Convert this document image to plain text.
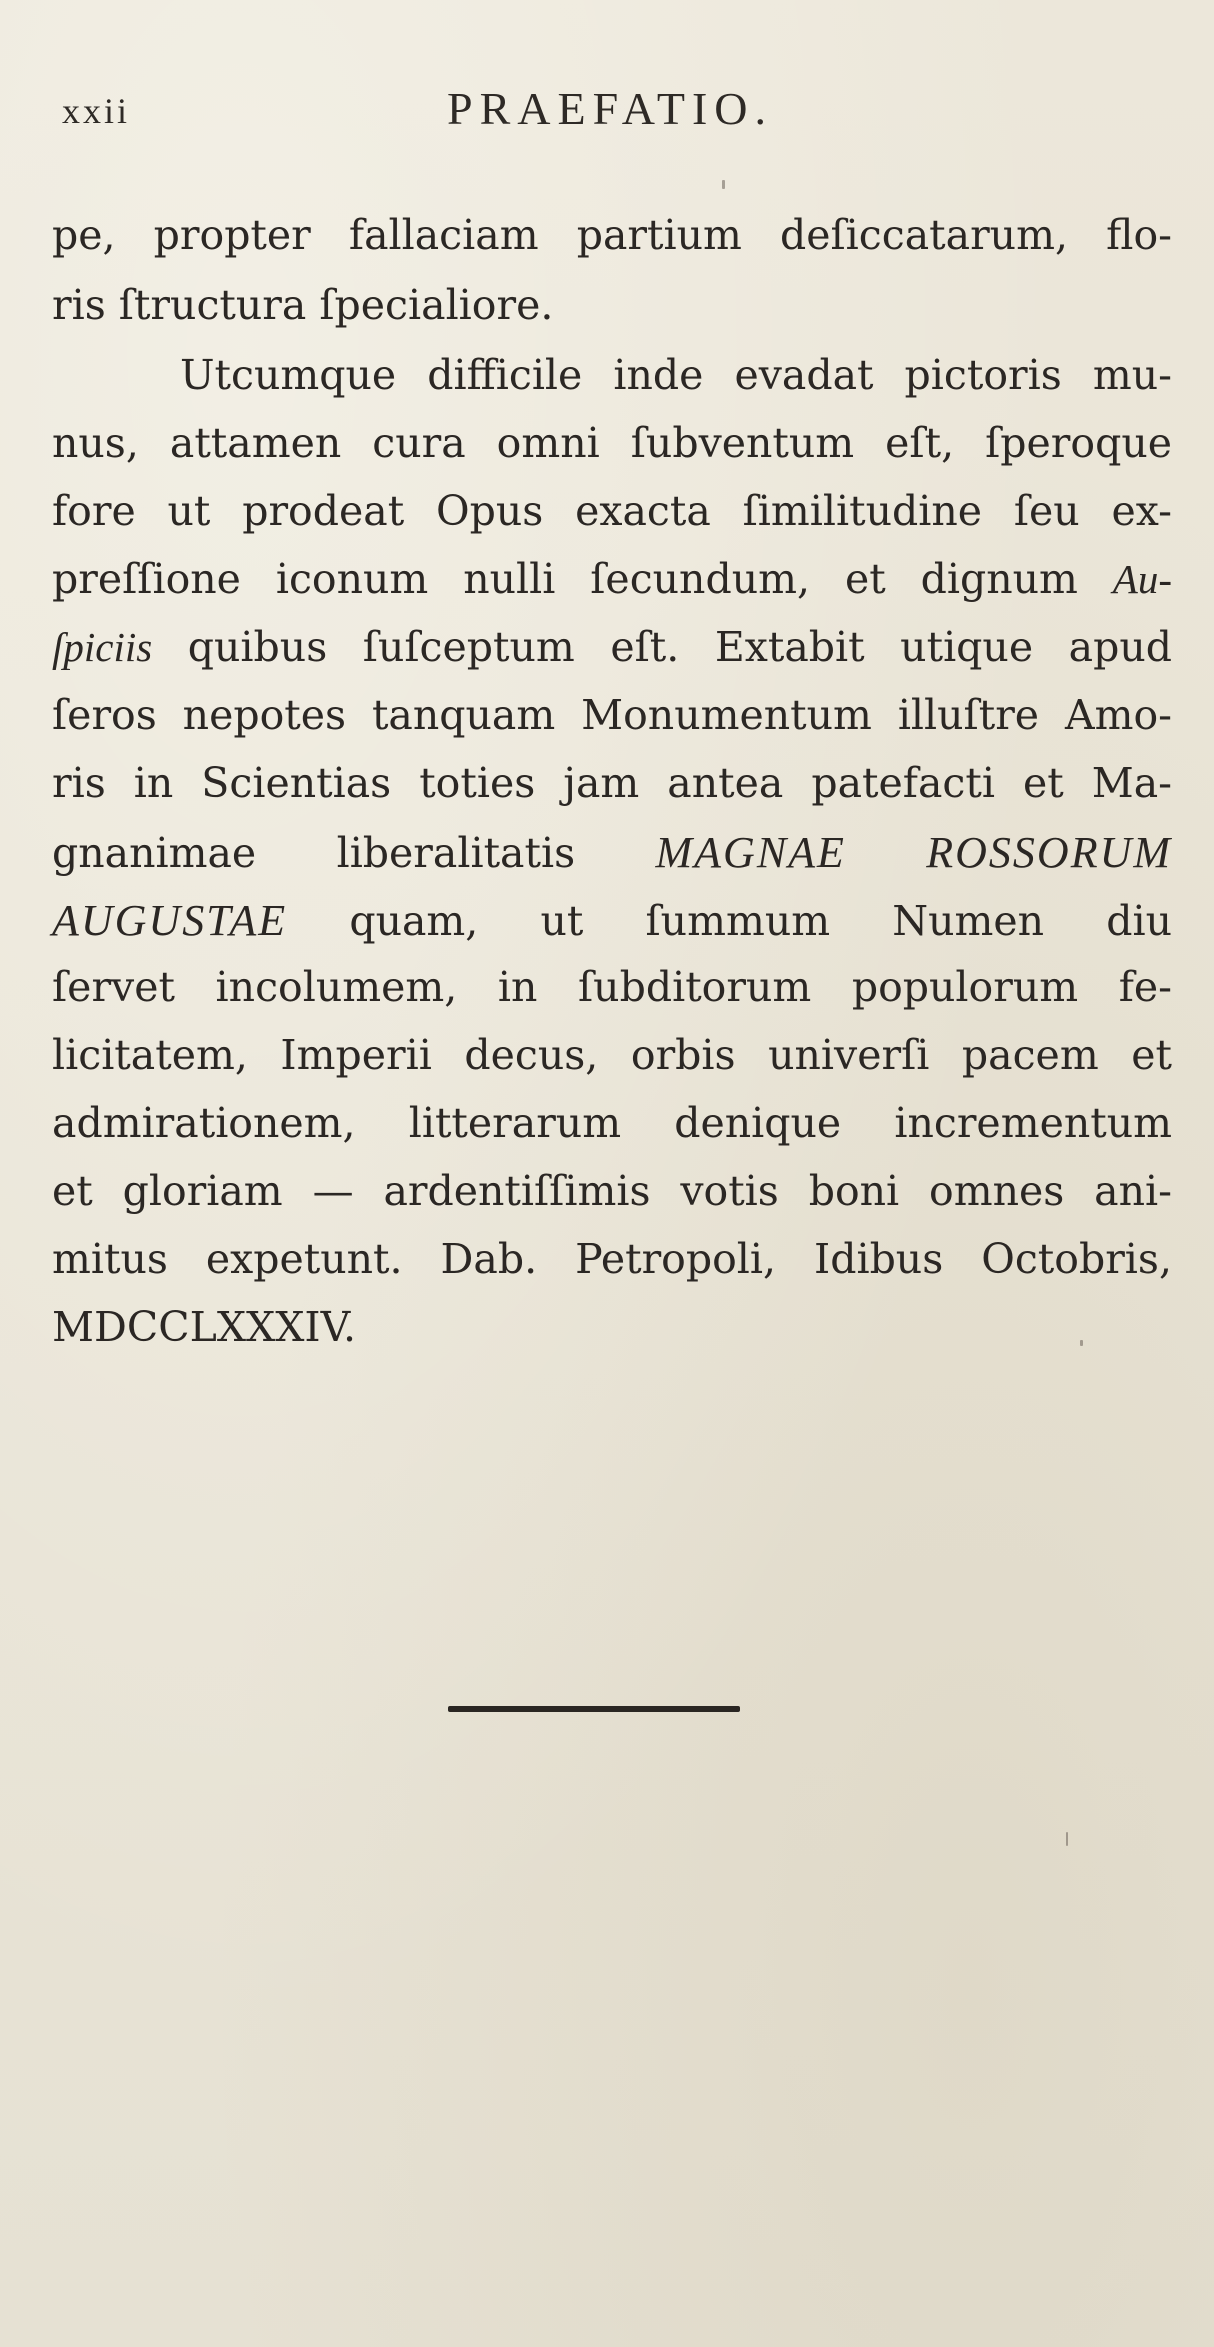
xxii	PRAEFATIO.
pe, propter fallaciam partium deſiccatarum, flo-
ris ſtructura ſpecialiore.
Utcumque difficile inde evadat pictoris mu-
nus, attamen cura omni ſubventum eſt, ſperoque
fore ut prodeat Opus exacta ſimilitudine ſeu ex-
preſſione iconum nulli ſecundum, et dignum Au-
ſpiciis quibus ſuſceptum eſt. Extabit utique apud
ſeros nepotes tanquam Monumentum illuſtre Amo-
ris in Scientias toties jam antea patefacti et Ma-
gnanimae liberalitatis MAGNAE ROSSORUM
AUGUSTAE quam, ut ſummum Numen diu
ſervet incolumem, in ſubditorum populorum fe-
licitatem, Imperii decus, orbis univerſi pacem et
admirationem, litterarum denique incrementum
et gloriam — ardentiſſimis votis boni omnes ani-
mitus expetunt. Dab. Petropoli, Idibus Octobris,
MDCCLXXXIV.
